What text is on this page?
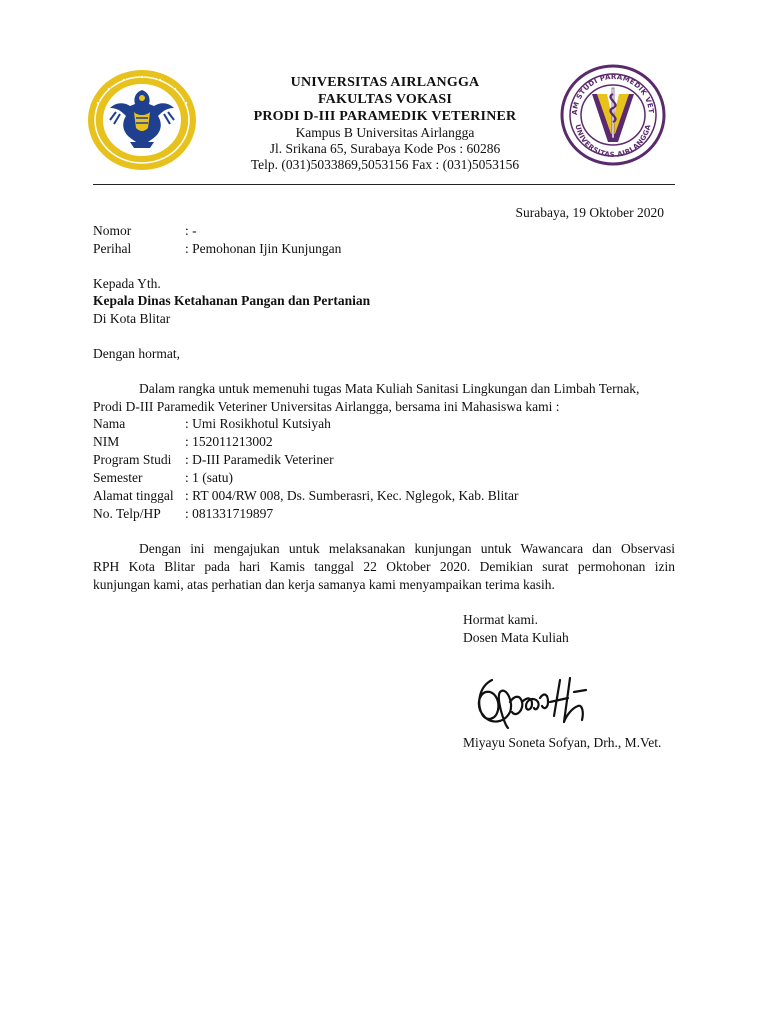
AM STUDI PARAMEDIK VET
UNIVERSITAS AIRLANGGA
UNIVERSITAS AIRLANGGA
FAKULTAS VOKASI
PRODI D-III PARAMEDIK VETERINER
Kampus B Universitas Airlangga
Jl. Srikana 65, Surabaya Kode Pos : 60286
Telp. (031)5033869,5053156 Fax : (031)5053156
Surabaya, 19 Oktober 2020
Nomor	: -
Perihal	: Pemohonan Ijin Kunjungan
Kepada Yth.
Kepala Dinas Ketahanan Pangan dan Pertanian
Di Kota Blitar
Dengan hormat,
Dalam rangka untuk memenuhi tugas Mata Kuliah Sanitasi Lingkungan dan Limbah Ternak,
Prodi D-III Paramedik Veteriner Universitas Airlangga, bersama ini Mahasiswa kami :
Nama	: Umi Rosikhotul Kutsiyah
NIM	: 152011213002
Program Studi : D-III Paramedik Veteriner
Semester	: 1 (satu)
Alamat tinggal : RT 004/RW 008, Ds. Sumberasri, Kec. Nglegok, Kab. Blitar
No. Telp/HP : 081331719897
Dengan ini mengajukan untuk melaksanakan kunjungan untuk Wawancara dan Observasi
RPH Kota Blitar pada hari Kamis tanggal 22 Oktober 2020. Demikian surat permohonan izin
kunjungan kami, atas perhatian dan kerja samanya kami menyampaikan terima kasih.
Hormat kami.
Dosen Mata Kuliah
Miyayu Soneta Sofyan, Drh., M.Vet.
